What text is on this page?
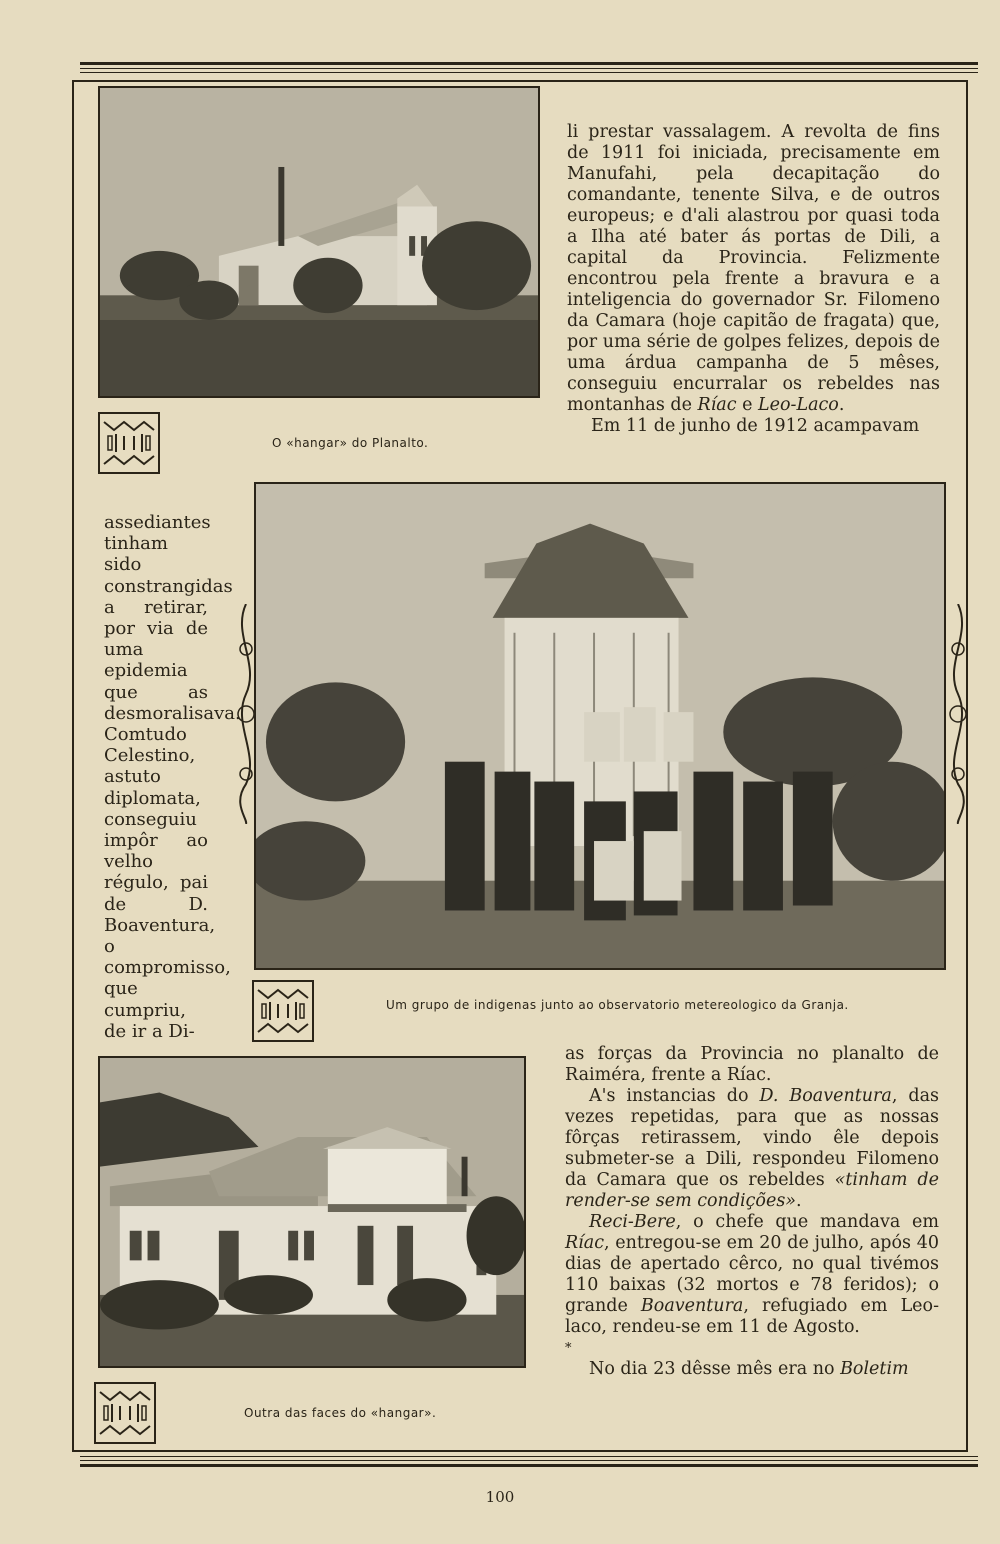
O «hangar» do Planalto.

li prestar vassalagem. A revolta de fins de 1911 foi iniciada, precisamente em Manufahi, pela decapitação do comandante, tenente Silva, e de outros europeus; e d'ali alastrou por quasi toda a Ilha até bater ás portas de Dili, a capital da Provincia. Felizmente encontrou pela frente a bravura e a inteligencia do governador Sr. Filomeno da Camara (hoje capitão de fragata) que, por uma série de golpes felizes, depois de uma árdua campanha de 5 mêses, conseguiu encurralar os rebeldes nas montanhas de Ríac e Leo-Laco.

Em 11 de junho de 1912 acampavam

Um grupo de indigenas junto ao observatorio metereologico da Granja.
assediantes tinham sido constrangidas a retirar, por via de uma epidemia que as desmoralisava. Comtudo Celestino, astuto diplomata, conseguiu impôr ao velho régulo, pai de D. Boaventura, o compromisso, que cumpriu, de ir a Di-
Outra das faces do «hangar».

as forças da Provincia no planalto de Raiméra, frente a Ríac.

A's instancias do D. Boaventura, das vezes repetidas, para que as nossas fôrças retirassem, vindo êle depois submeter-se a Dili, respondeu Filomeno da Camara que os rebeldes «tinham de render-se sem condições».

Reci-Bere, o chefe que mandava em Ríac, entregou-se em 20 de julho, após 40 dias de apertado cêrco, no qual tivémos 110 baixas (32 mortos e 78 feridos); o grande Boaventura, refugiado em Leo-laco, rendeu-se em 11 de Agosto.

*

No dia 23 dêsse mês era no Boletim

100
